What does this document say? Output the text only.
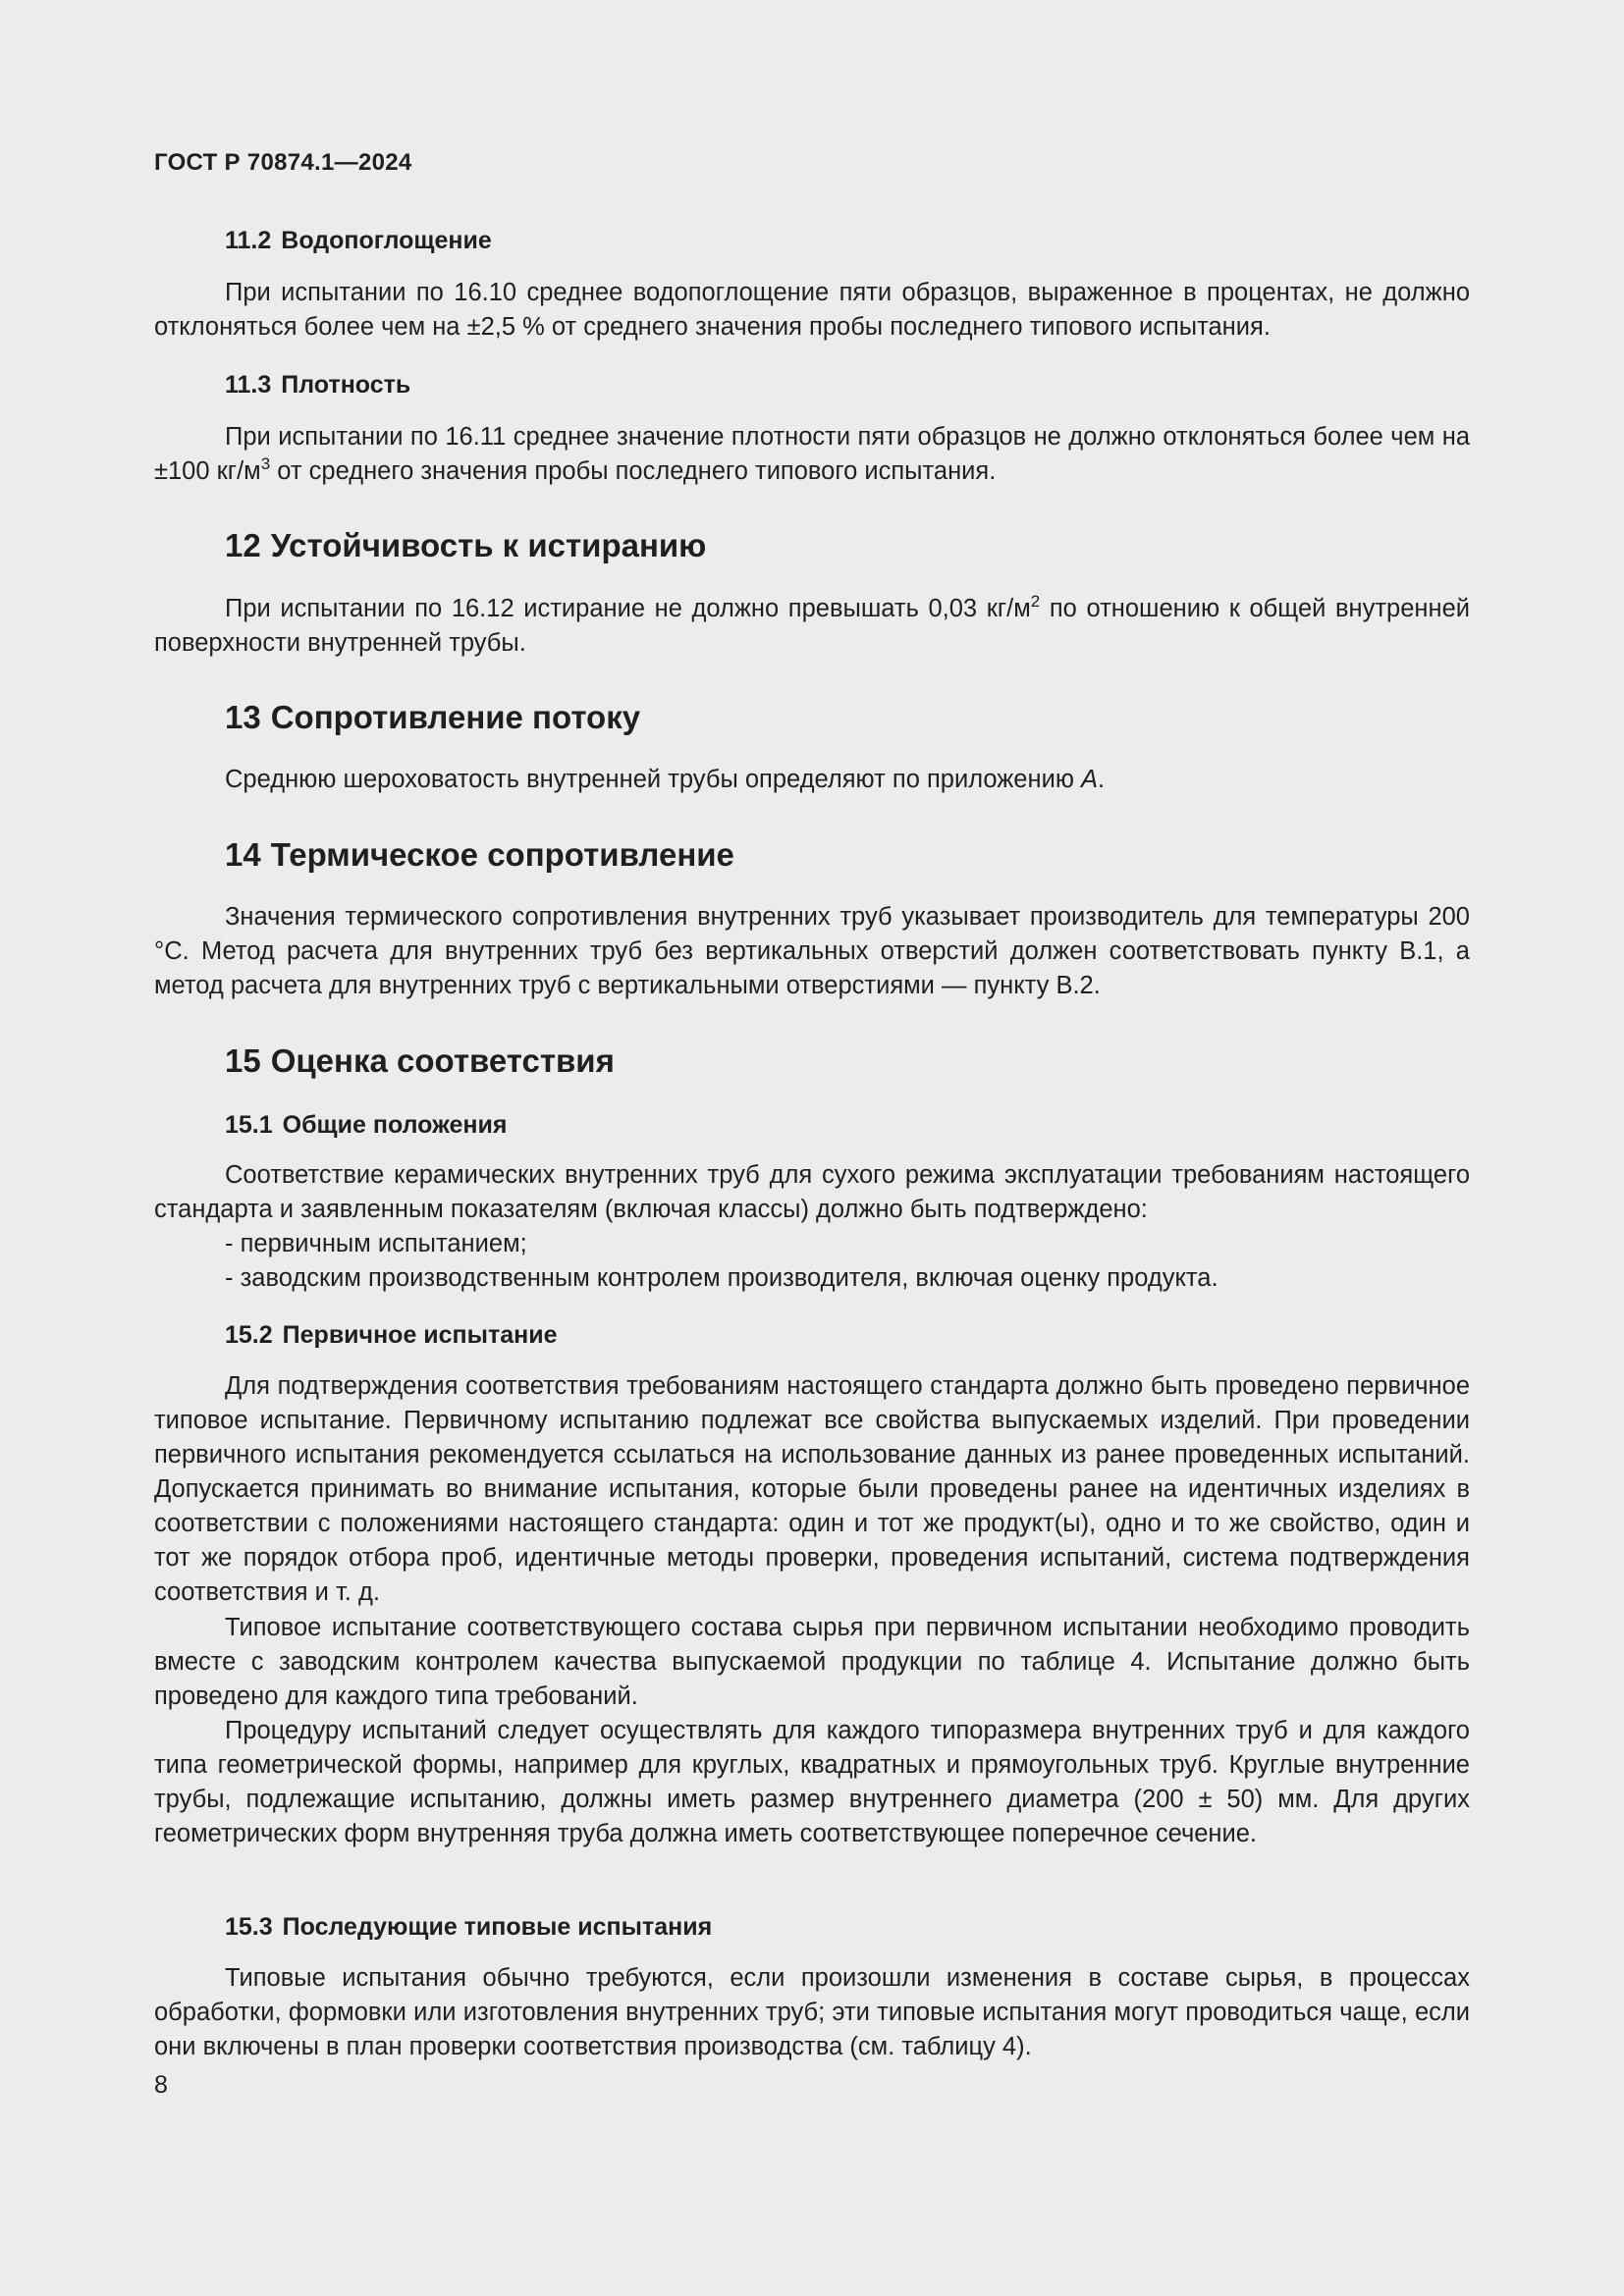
ГОСТ Р 70874.1—2024
11.2 Водопоглощение

При испытании по 16.10 среднее водопоглощение пяти образцов, выраженное в процентах, не должно отклоняться более чем на ±2,5 % от среднего значения пробы последнего типового испытания.

11.3 Плотность

При испытании по 16.11 среднее значение плотности пяти образцов не должно отклоняться более чем на ±100 $кг/м^3$ от среднего значения пробы последнего типового испытания.

12 Устойчивость к истиранию

При испытании по 16.12 истирание не должно превышать 0,03 $кг/м^2$ по отношению к общей внутренней поверхности внутренней трубы.

13 Сопротивление потоку

Среднюю шероховатость внутренней трубы определяют по приложению А.

14 Термическое сопротивление

Значения термического сопротивления внутренних труб указывает производитель для температуры 200 °С. Метод расчета для внутренних труб без вертикальных отверстий должен соответствовать пункту В.1, а метод расчета для внутренних труб с вертикальными отверстиями — пункту В.2.

15 Оценка соответствия
15.1 Общие положения

Соответствие керамических внутренних труб для сухого режима эксплуатации требованиям настоящего стандарта и заявленным показателям (включая классы) должно быть подтверждено:

- первичным испытанием;

- заводским производственным контролем производителя, включая оценку продукта.

15.2 Первичное испытание

Для подтверждения соответствия требованиям настоящего стандарта должно быть проведено первичное типовое испытание. Первичному испытанию подлежат все свойства выпускаемых изделий. При проведении первичного испытания рекомендуется ссылаться на использование данных из ранее проведенных испытаний. Допускается принимать во внимание испытания, которые были проведены ранее на идентичных изделиях в соответствии с положениями настоящего стандарта: один и тот же продукт(ы), одно и то же свойство, один и тот же порядок отбора проб, идентичные методы проверки, проведения испытаний, система подтверждения соответствия и т. д.

Типовое испытание соответствующего состава сырья при первичном испытании необходимо проводить вместе с заводским контролем качества выпускаемой продукции по таблице 4. Испытание должно быть проведено для каждого типа требований.

Процедуру испытаний следует осуществлять для каждого типоразмера внутренних труб и для каждого типа геометрической формы, например для круглых, квадратных и прямоугольных труб. Круглые внутренние трубы, подлежащие испытанию, должны иметь размер внутреннего диаметра (200 ± 50) мм. Для других геометрических форм внутренняя труба должна иметь соответствующее поперечное сечение.

15.3 Последующие типовые испытания

Типовые испытания обычно требуются, если произошли изменения в составе сырья, в процессах обработки, формовки или изготовления внутренних труб; эти типовые испытания могут проводиться чаще, если они включены в план проверки соответствия производства (см. таблицу 4).

8
